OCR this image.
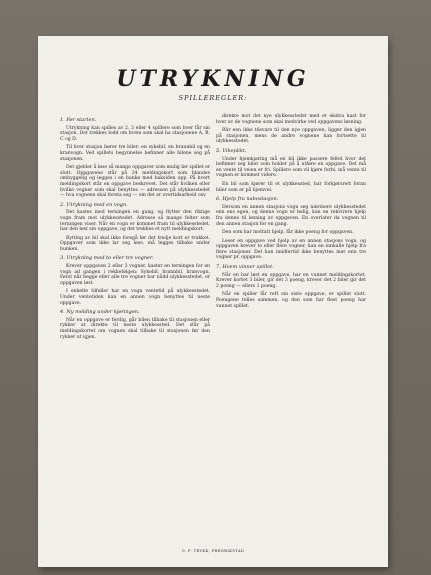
UTRYKNING
SPILLEREGLER:
1. Før starten.

Utrykning kan spilles av 2, 3 eller 4 spillere som hver får sin stasjon. Det trekkes lodd om hvem som skal ha stasjonene A, B, C og D.

Til hver stasjon hører tre biler: en sykebil, en brannbil og en kranvogn. Ved spillets begynnelse befinner alle bilene seg på stasjonen.

Det gjelder å løse så mange oppgaver som mulig før spillet er slutt. Oppgavene står på 24 meldingskort som blandes omhyggelig og legges i en bunke med baksiden opp. På hvert meldingskort står en oppgave beskrevet. Det står hvilken eller hvilke vogner som skal benyttes — adressen på ulykkesstedet — hva vognene skal foreta seg — om det er overtidsarbeid osv.

2. Utrykning med en vogn.

Det kastes med terningen en gang, og flytter den riktige vogn fram mot ulykkesstedet. Adresse så mange felter som terningen viser. Når en vogn er kommet fram til ulykkesstedet, har den løst sin oppgave, og det trekkes et nytt meldingskort.

Bytting av bil skal ikke foregå før det tredje kort er trukket. Oppgaver som ikke lar seg løse, må legges tilbake under bunken.

3. Utrykning med to eller tre vogner.

Krever oppgaven 2 eller 3 vogner, kaster en terningen for en vogn ad gangen i rekkefølgen: Sykebil, brannbil, kranvogn. Først når begge eller alle tre vogner har nådd ulykkesstedet, er oppgaven løst.

I enkelte tilfeller har en vogn ventetid på ulykkesstedet. Under ventetiden kan en annen vogn benyttes til neste oppgave.

4. Ny melding under kjøringen.

Når en oppgave er ferdig, går bilen tilbake til stasjonen eller rykker ut direkte til neste ulykkessted. Det står på meldingskortet om vognen skal tilbake til stasjonen før den rykker ut igjen.

direkte mot det nye ulykkesstedet med et ekstra kast for hver av de vognene som skal medvirke ved oppgavens løsning.

Blir een ikke tilsvare til den nye oppgaven, ligger den igjen på stasjonen, mens de andre vognene kan fortsette til ulykkesstedet.

5. Vikeplikt.

Under hjemkjøring må en bil ikke passere feltet hvor det befinner seg biler som holder på å utføre en oppgave. Det må en vente til veien er fri. Spillere som vil kjøre forbi, må vente til vognen er kommet videre.

En bil som kjører til et ulykkessted, har forkjørsrett foran biler som er på hjemvei.

6. Hjelp fra nabostasjon.

Dersom en annen stasjons vogn seg nærmere ulykkesstedet enn ens egen, og denne vogn er ledig, kan en rekvirere hjelp fra denne til løsning av oppgaven. En overlater da vognen til den annen stasjon for en gang.

Den som har mottatt hjelp, får ikke poeng for oppgaven.

Leser en oppgave ved hjelp av en annen stasjons vogn, og oppgaven krever to eller flere vogner, kan en innkalle hjelp fra flere stasjoner. Det kan imidlertid ikke benyttes mer enn tre vogner pr. oppgave.

7. Hvem vinner spillet.

Når en har løst en oppgave, har en vunnet meldingskortet. Krever kortet 3 biler, gir det 3 poeng, krever det 2 biler gir det 2 poeng — ellers 1 poeng.

Når en spiller får reft sin siste oppgave, er spillet slutt. Poengene telles sammen, og den som har flest poeng har vunnet spillet.

O. F. TRYKK, FREDRIKSTAD
